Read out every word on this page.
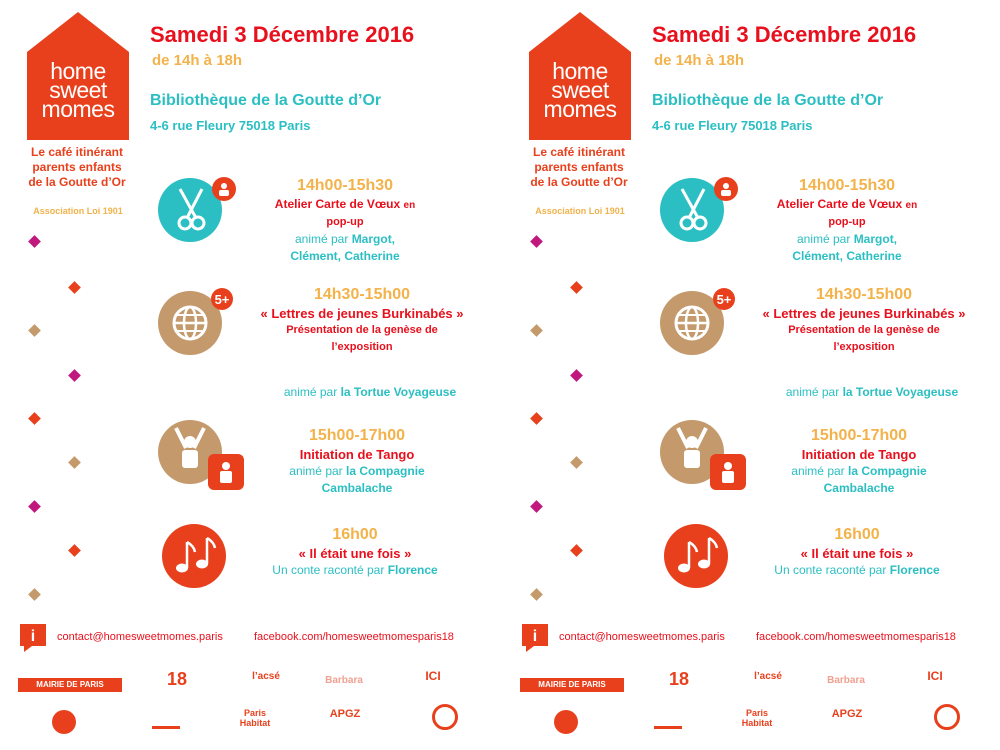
home
sweet
momes
Le café itinérant
parents enfants
de la Goutte d’Or
Association Loi 1901
Samedi 3 Décembre 2016
de 14h à 18h
Bibliothèque de la Goutte d’Or
4-6 rue Fleury 75018 Paris
14h00-15h30
Atelier Carte de Vœux en
pop-up
animé par Margot,
Clément, Catherine
5+	14h30-15h00
« Lettres de jeunes Burkinabés »
Présentation de la genèse de
l’exposition
animé par la Tortue Voyageuse
15h00-17h00
Initiation de Tango
animé par la Compagnie
Cambalache
16h00
« Il était une fois »
Un conte raconté par Florence
i contact@homesweetmomes.paris	facebook.com/homesweetmomesparis18
MAIRIE DE PARIS	18	l’acsé	Barbara	ICI
Paris Habitat
APGZ
home
sweet
momes
Le café itinérant
parents enfants
de la Goutte d’Or
Association Loi 1901
Samedi 3 Décembre 2016
de 14h à 18h
Bibliothèque de la Goutte d’Or
4-6 rue Fleury 75018 Paris
14h00-15h30
Atelier Carte de Vœux en
pop-up
animé par Margot,
Clément, Catherine
5+	14h30-15h00
« Lettres de jeunes Burkinabés »
Présentation de la genèse de
l’exposition
animé par la Tortue Voyageuse
15h00-17h00
Initiation de Tango
animé par la Compagnie
Cambalache
16h00
« Il était une fois »
Un conte raconté par Florence
i contact@homesweetmomes.paris	facebook.com/homesweetmomesparis18
MAIRIE DE PARIS	18	l’acsé	Barbara	ICI
Paris Habitat
APGZ
